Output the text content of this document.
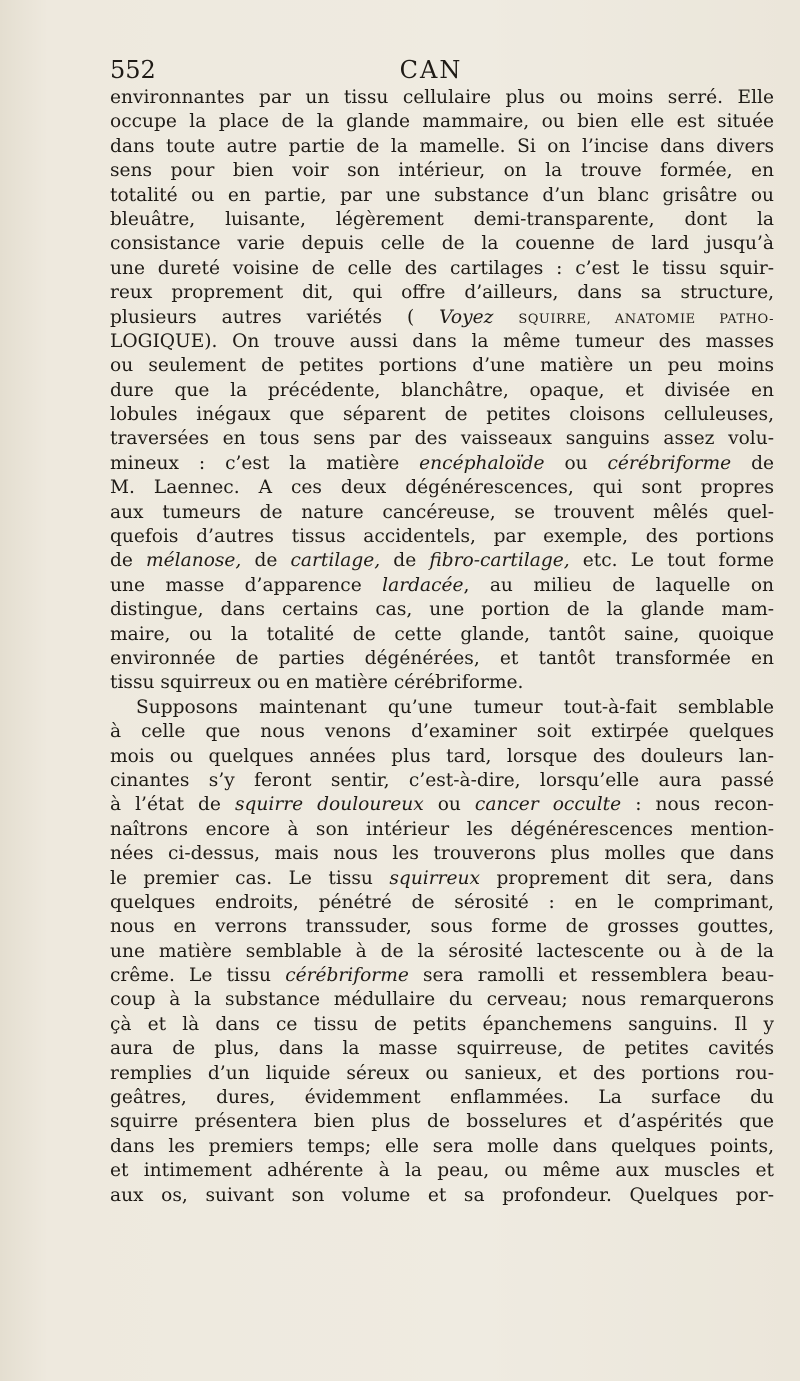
552	CAN
environnantes par un tissu cellulaire plus ou moins serré. Elle
occupe la place de la glande mammaire, ou bien elle est située
dans toute autre partie de la mamelle. Si on l’incise dans divers
sens pour bien voir son intérieur, on la trouve formée, en
totalité ou en partie, par une substance d’un blanc grisâtre ou
bleuâtre, luisante, légèrement demi-transparente, dont la
consistance varie depuis celle de la couenne de lard jusqu’à
une dureté voisine de celle des cartilages : c’est le tissu squir-
reux proprement dit, qui offre d’ailleurs, dans sa structure,
plusieurs autres variétés ( Voyez SQUIRRE, ANATOMIE PATHO-
LOGIQUE). On trouve aussi dans la même tumeur des masses
ou seulement de petites portions d’une matière un peu moins
dure que la précédente, blanchâtre, opaque, et divisée en
lobules inégaux que séparent de petites cloisons celluleuses,
traversées en tous sens par des vaisseaux sanguins assez volu-
mineux : c’est la matière encéphaloïde ou cérébriforme de
M. Laennec. A ces deux dégénérescences, qui sont propres
aux tumeurs de nature cancéreuse, se trouvent mêlés quel-
quefois d’autres tissus accidentels, par exemple, des portions
de mélanose, de cartilage, de fibro-cartilage, etc. Le tout forme
une masse d’apparence lardacée, au milieu de laquelle on
distingue, dans certains cas, une portion de la glande mam-
maire, ou la totalité de cette glande, tantôt saine, quoique
environnée de parties dégénérées, et tantôt transformée en
tissu squirreux ou en matière cérébriforme.
Supposons maintenant qu’une tumeur tout-à-fait semblable
à celle que nous venons d’examiner soit extirpée quelques
mois ou quelques années plus tard, lorsque des douleurs lan-
cinantes s’y feront sentir, c’est-à-dire, lorsqu’elle aura passé
à l’état de squirre douloureux ou cancer occulte : nous recon-
naîtrons encore à son intérieur les dégénérescences mention-
nées ci-dessus, mais nous les trouverons plus molles que dans
le premier cas. Le tissu squirreux proprement dit sera, dans
quelques endroits, pénétré de sérosité : en le comprimant,
nous en verrons transsuder, sous forme de grosses gouttes,
une matière semblable à de la sérosité lactescente ou à de la
crême. Le tissu cérébriforme sera ramolli et ressemblera beau-
coup à la substance médullaire du cerveau; nous remarquerons
çà et là dans ce tissu de petits épanchemens sanguins. Il y
aura de plus, dans la masse squirreuse, de petites cavités
remplies d’un liquide séreux ou sanieux, et des portions rou-
geâtres, dures, évidemment enflammées. La surface du
squirre présentera bien plus de bosselures et d’aspérités que
dans les premiers temps; elle sera molle dans quelques points,
et intimement adhérente à la peau, ou même aux muscles et
aux os, suivant son volume et sa profondeur. Quelques por-
